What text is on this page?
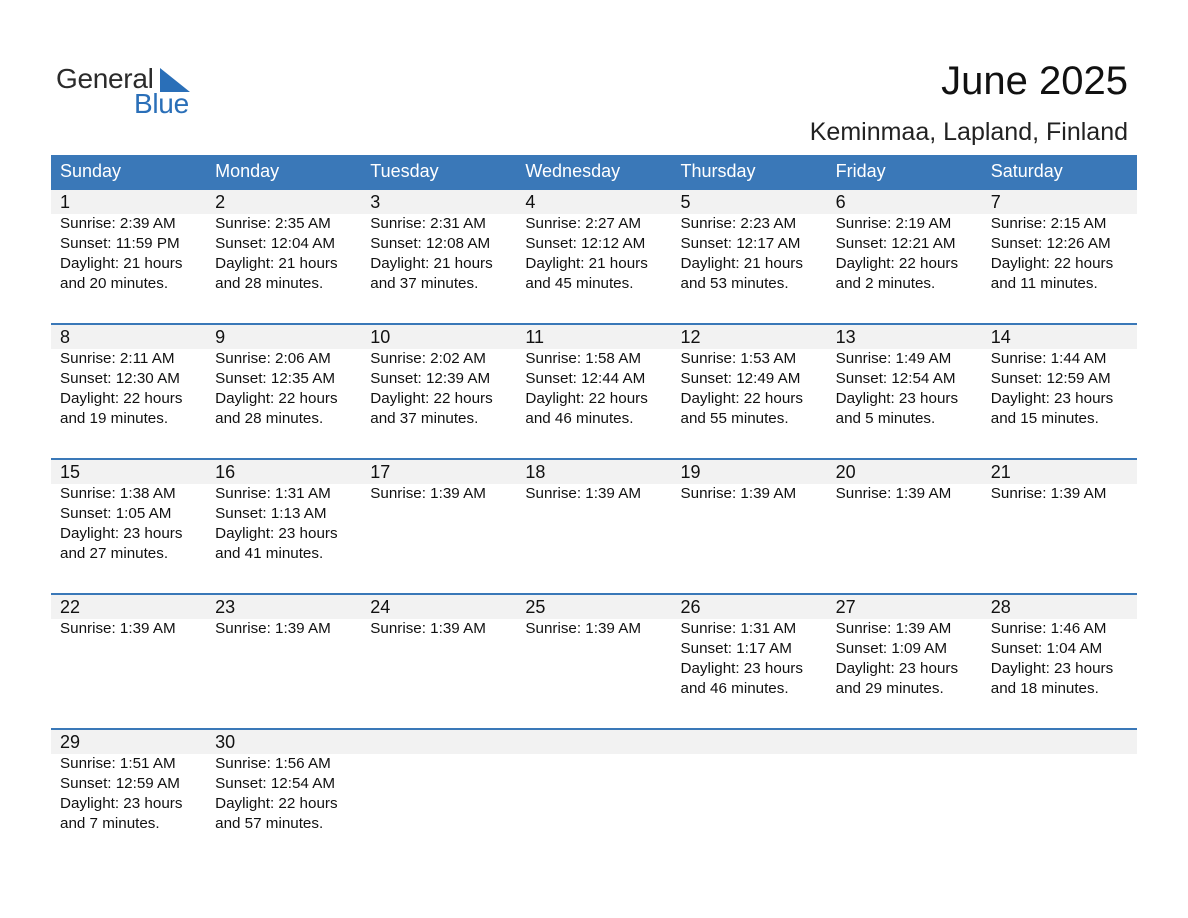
General
Blue
June 2025
Keminmaa, Lapland, Finland
Sunday	Monday	Tuesday	Wednesday	Thursday	Friday	Saturday
1
Sunrise: 2:39 AM
Sunset: 11:59 PM
Daylight: 21 hours
and 20 minutes.
2
Sunrise: 2:35 AM
Sunset: 12:04 AM
Daylight: 21 hours
and 28 minutes.
3
Sunrise: 2:31 AM
Sunset: 12:08 AM
Daylight: 21 hours
and 37 minutes.
4
Sunrise: 2:27 AM
Sunset: 12:12 AM
Daylight: 21 hours
and 45 minutes.
5
Sunrise: 2:23 AM
Sunset: 12:17 AM
Daylight: 21 hours
and 53 minutes.
6
Sunrise: 2:19 AM
Sunset: 12:21 AM
Daylight: 22 hours
and 2 minutes.
7
Sunrise: 2:15 AM
Sunset: 12:26 AM
Daylight: 22 hours
and 11 minutes.
8
Sunrise: 2:11 AM
Sunset: 12:30 AM
Daylight: 22 hours
and 19 minutes.
9
Sunrise: 2:06 AM
Sunset: 12:35 AM
Daylight: 22 hours
and 28 minutes.
10
Sunrise: 2:02 AM
Sunset: 12:39 AM
Daylight: 22 hours
and 37 minutes.
11
Sunrise: 1:58 AM
Sunset: 12:44 AM
Daylight: 22 hours
and 46 minutes.
12
Sunrise: 1:53 AM
Sunset: 12:49 AM
Daylight: 22 hours
and 55 minutes.
13
Sunrise: 1:49 AM
Sunset: 12:54 AM
Daylight: 23 hours
and 5 minutes.
14
Sunrise: 1:44 AM
Sunset: 12:59 AM
Daylight: 23 hours
and 15 minutes.
15
Sunrise: 1:38 AM
Sunset: 1:05 AM
Daylight: 23 hours
and 27 minutes.
16
Sunrise: 1:31 AM
Sunset: 1:13 AM
Daylight: 23 hours
and 41 minutes.
17
Sunrise: 1:39 AM
18
Sunrise: 1:39 AM
19
Sunrise: 1:39 AM
20
Sunrise: 1:39 AM
21
Sunrise: 1:39 AM
22
Sunrise: 1:39 AM
23
Sunrise: 1:39 AM
24
Sunrise: 1:39 AM
25
Sunrise: 1:39 AM
26
Sunrise: 1:31 AM
Sunset: 1:17 AM
Daylight: 23 hours
and 46 minutes.
27
Sunrise: 1:39 AM
Sunset: 1:09 AM
Daylight: 23 hours
and 29 minutes.
28
Sunrise: 1:46 AM
Sunset: 1:04 AM
Daylight: 23 hours
and 18 minutes.
29
Sunrise: 1:51 AM
Sunset: 12:59 AM
Daylight: 23 hours
and 7 minutes.
30
Sunrise: 1:56 AM
Sunset: 12:54 AM
Daylight: 22 hours
and 57 minutes.
